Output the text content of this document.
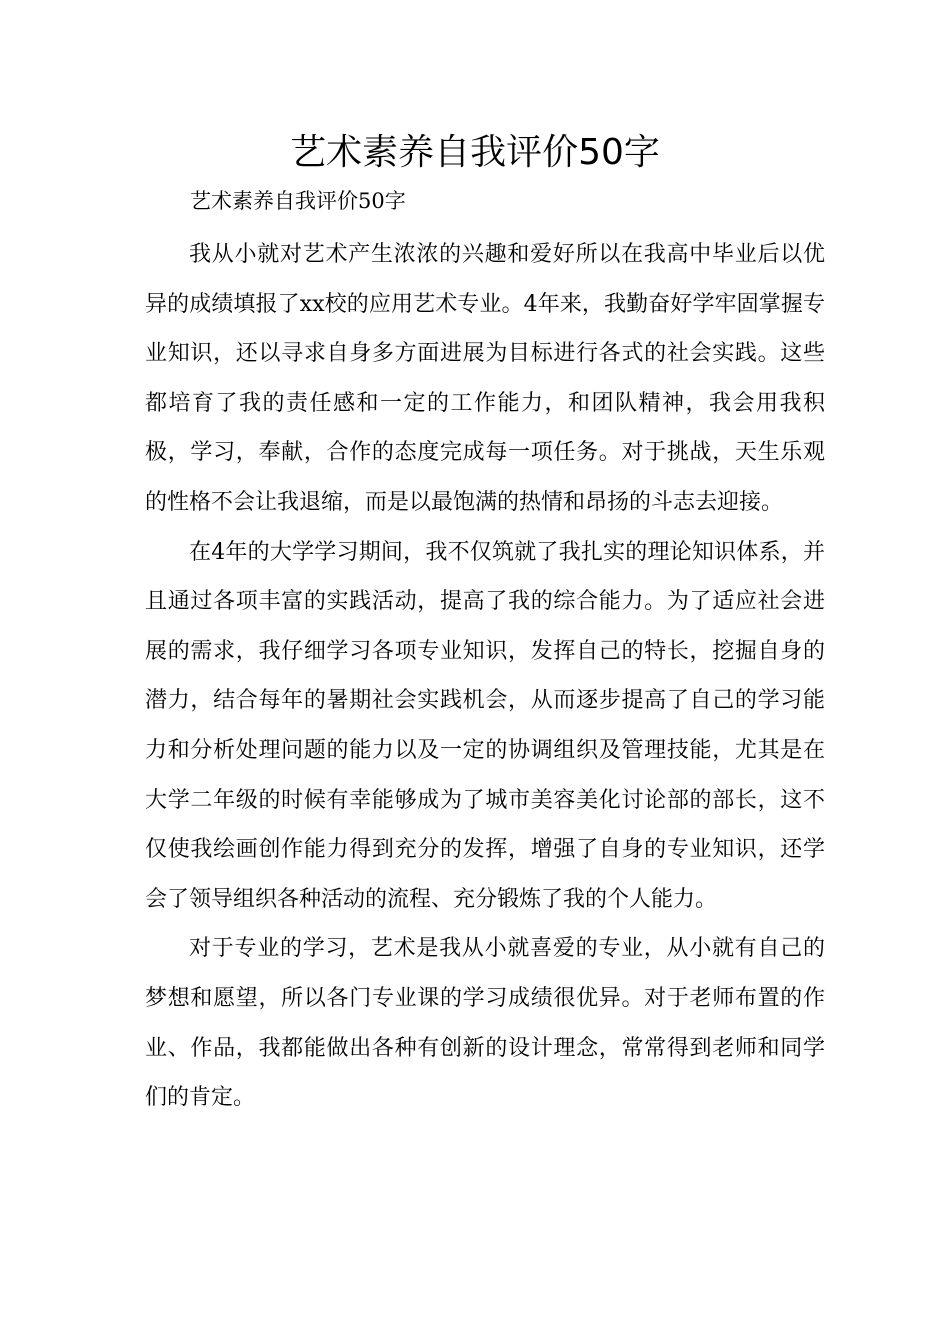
艺术素养自我评价50字

艺术素养自我评价50字

我从小就对艺术产生浓浓的兴趣和爱好所以在我高中毕业后以优异的成绩填报了xx校的应用艺术专业。4年来，我勤奋好学牢固掌握专业知识，还以寻求自身多方面进展为目标进行各式的社会实践。这些都培育了我的责任感和一定的工作能力，和团队精神，我会用我积极，学习，奉献，合作的态度完成每一项任务。对于挑战，天生乐观的性格不会让我退缩，而是以最饱满的热情和昂扬的斗志去迎接。

在4年的大学学习期间，我不仅筑就了我扎实的理论知识体系，并且通过各项丰富的实践活动，提高了我的综合能力。为了适应社会进展的需求，我仔细学习各项专业知识，发挥自己的特长，挖掘自身的潜力，结合每年的暑期社会实践机会，从而逐步提高了自己的学习能力和分析处理问题的能力以及一定的协调组织及管理技能，尤其是在大学二年级的时候有幸能够成为了城市美容美化讨论部的部长，这不仅使我绘画创作能力得到充分的发挥，增强了自身的专业知识，还学会了领导组织各种活动的流程、充分锻炼了我的个人能力。

对于专业的学习，艺术是我从小就喜爱的专业，从小就有自己的梦想和愿望，所以各门专业课的学习成绩很优异。对于老师布置的作业、作品，我都能做出各种有创新的设计理念，常常得到老师和同学们的肯定。
